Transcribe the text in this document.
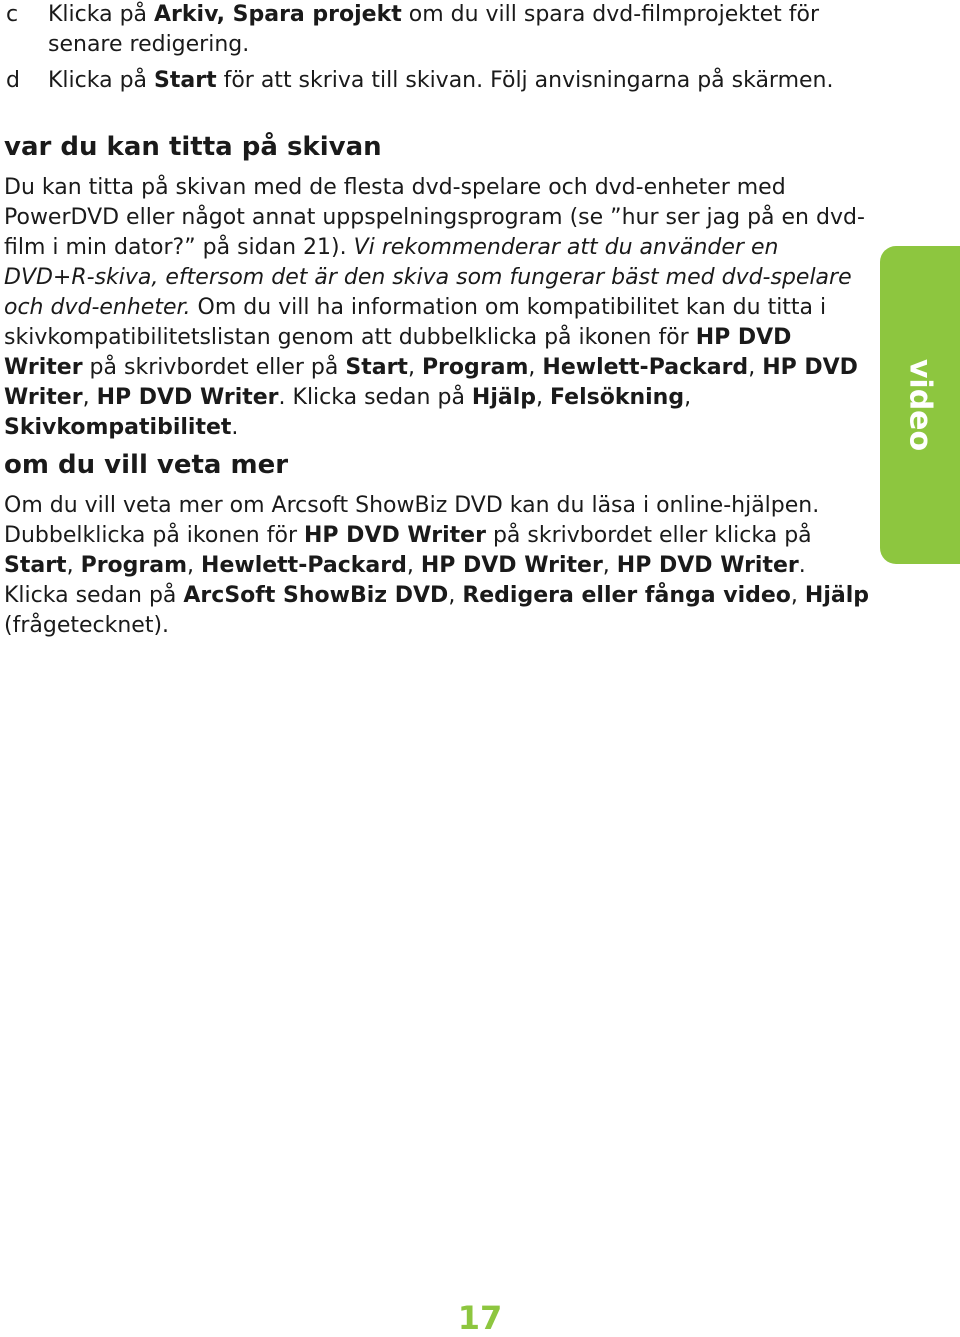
c Klicka på Arkiv, Spara projekt om du vill spara dvd-filmprojektet för senare redigering.
d Klicka på Start för att skriva till skivan. Följ anvisningarna på skärmen.
var du kan titta på skivan

Du kan titta på skivan med de flesta dvd-spelare och dvd-enheter med PowerDVD eller något annat uppspelningsprogram (se ”hur ser jag på en dvd-film i min dator?” på sidan 21). Vi rekommenderar att du använder en DVD+R-skiva, eftersom det är den skiva som fungerar bäst med dvd-spelare och dvd-enheter. Om du vill ha information om kompatibilitet kan du titta i skivkompatibilitetslistan genom att dubbelklicka på ikonen för HP DVD Writer på skrivbordet eller på Start, Program, Hewlett-Packard, HP DVD Writer, HP DVD Writer. Klicka sedan på Hjälp, Felsökning, Skivkompatibilitet.

om du vill veta mer

Om du vill veta mer om Arcsoft ShowBiz DVD kan du läsa i online-hjälpen. Dubbelklicka på ikonen för HP DVD Writer på skrivbordet eller klicka på Start, Program, Hewlett-Packard, HP DVD Writer, HP DVD Writer. Klicka sedan på ArcSoft ShowBiz DVD, Redigera eller fånga video, Hjälp (frågetecknet).

video
17
